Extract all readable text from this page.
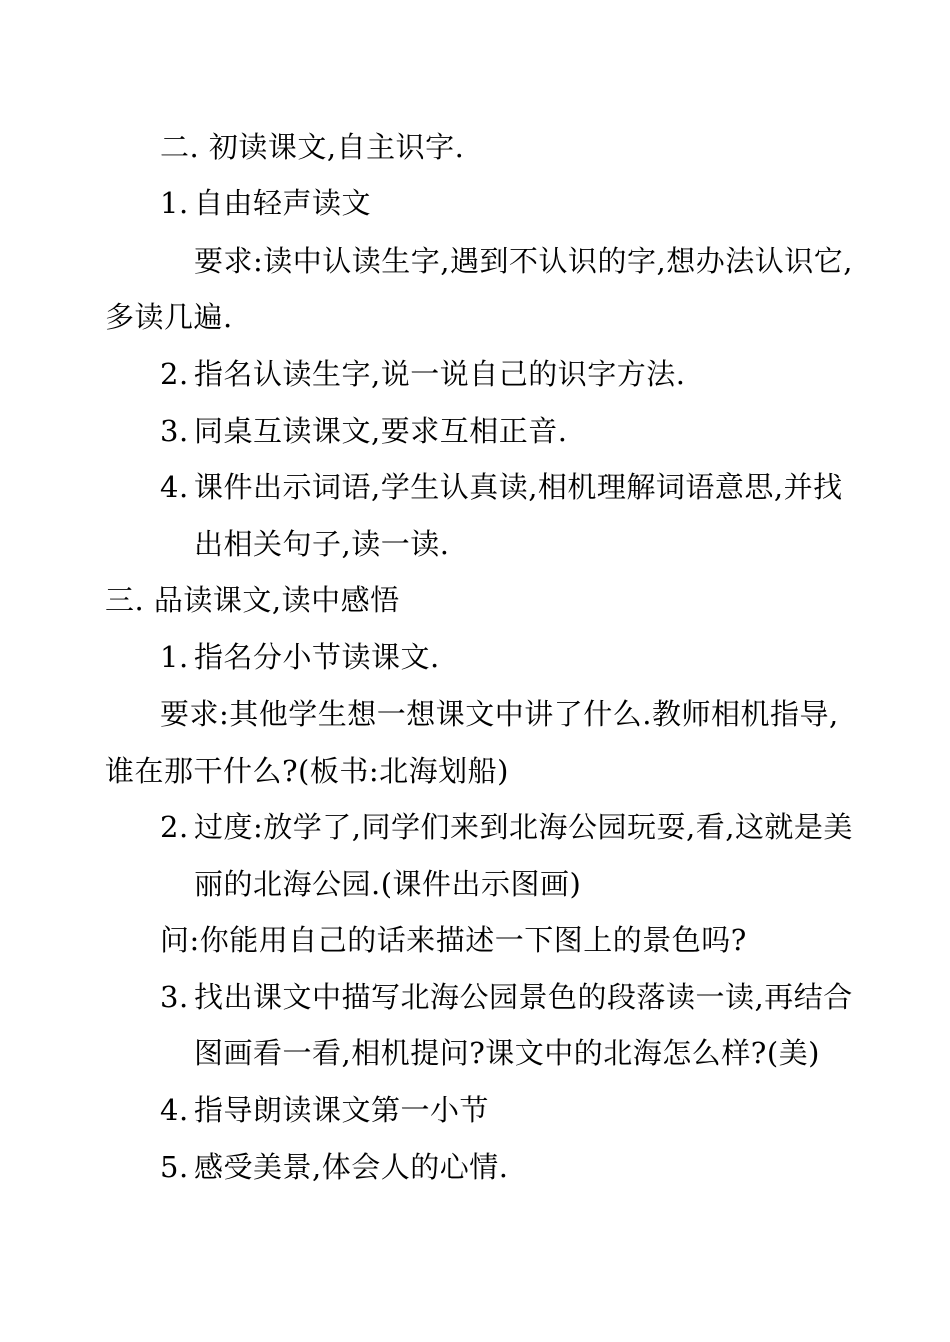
二. 初读课文,自主识字.
1. 自由轻声读文
要求:读中认读生字,遇到不认识的字,想办法认识它,
多读几遍.
2. 指名认读生字,说一说自己的识字方法.
3. 同桌互读课文,要求互相正音.
4. 课件出示词语,学生认真读,相机理解词语意思,并找
出相关句子,读一读.
三. 品读课文,读中感悟
1. 指名分小节读课文.
要求:其他学生想一想课文中讲了什么.教师相机指导,
谁在那干什么?(板书:北海划船)
2. 过度:放学了,同学们来到北海公园玩耍,看,这就是美
丽的北海公园.(课件出示图画)
问:你能用自己的话来描述一下图上的景色吗?
3. 找出课文中描写北海公园景色的段落读一读,再结合
图画看一看,相机提问?课文中的北海怎么样?(美)
4. 指导朗读课文第一小节
5. 感受美景,体会人的心情.
